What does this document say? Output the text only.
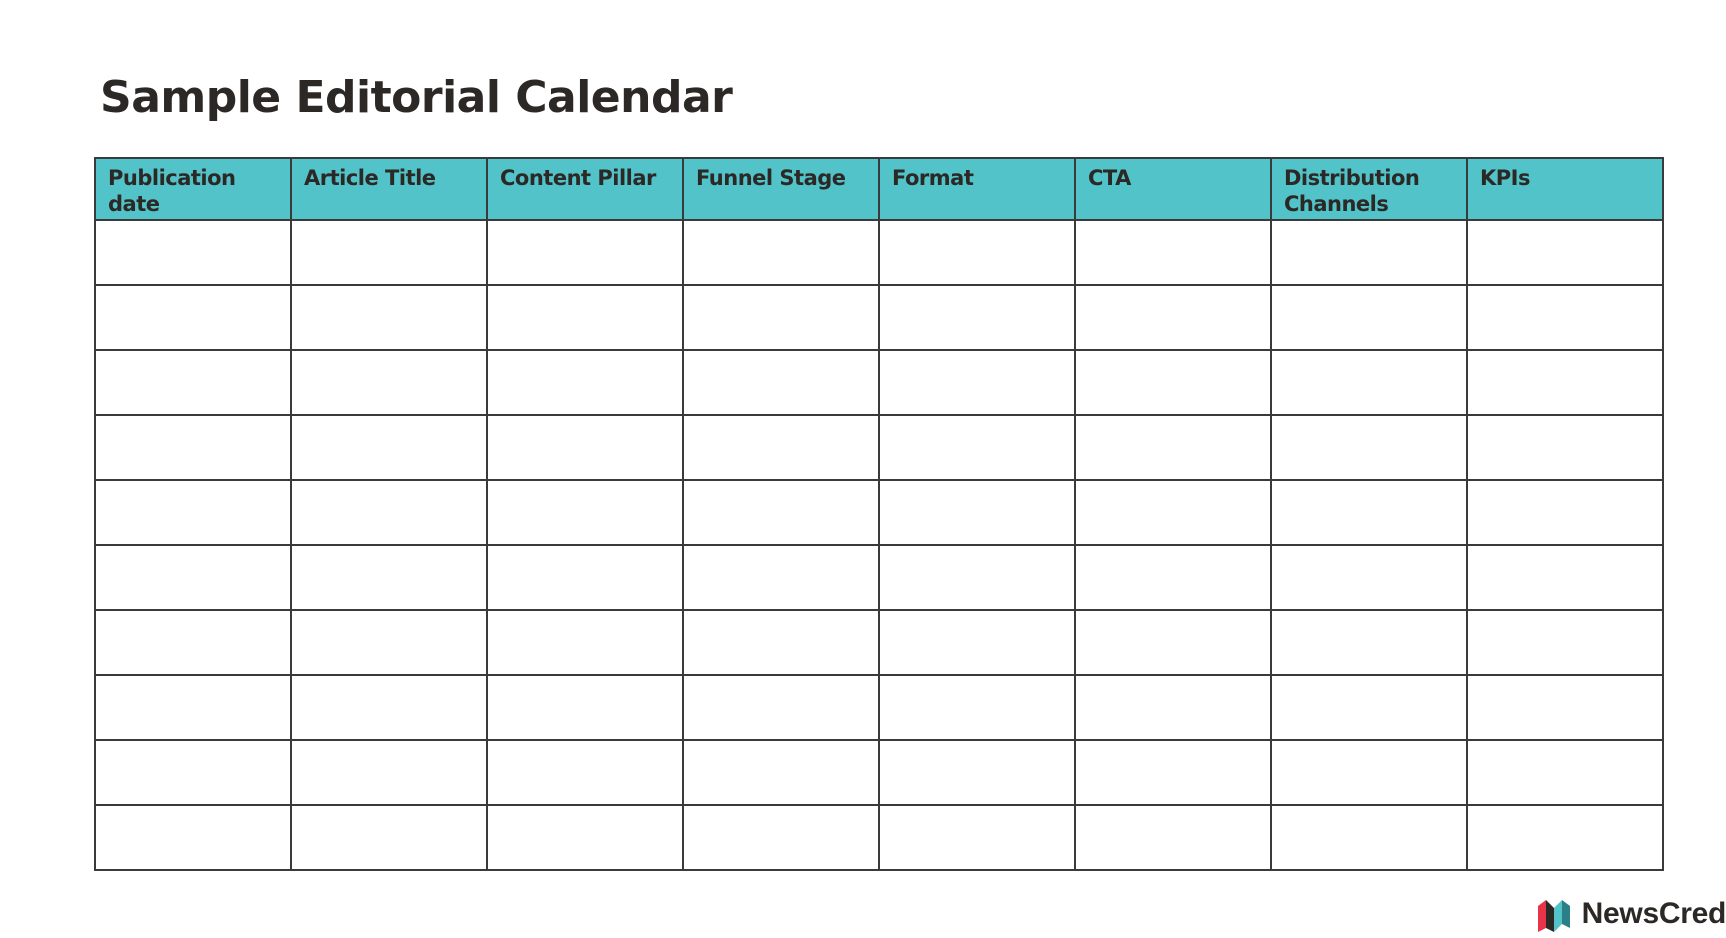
Sample Editorial Calendar
Publication date	Article Title	Content Pillar	Funnel Stage	Format	CTA	Distribution Channels	KPIs

NewsCred
